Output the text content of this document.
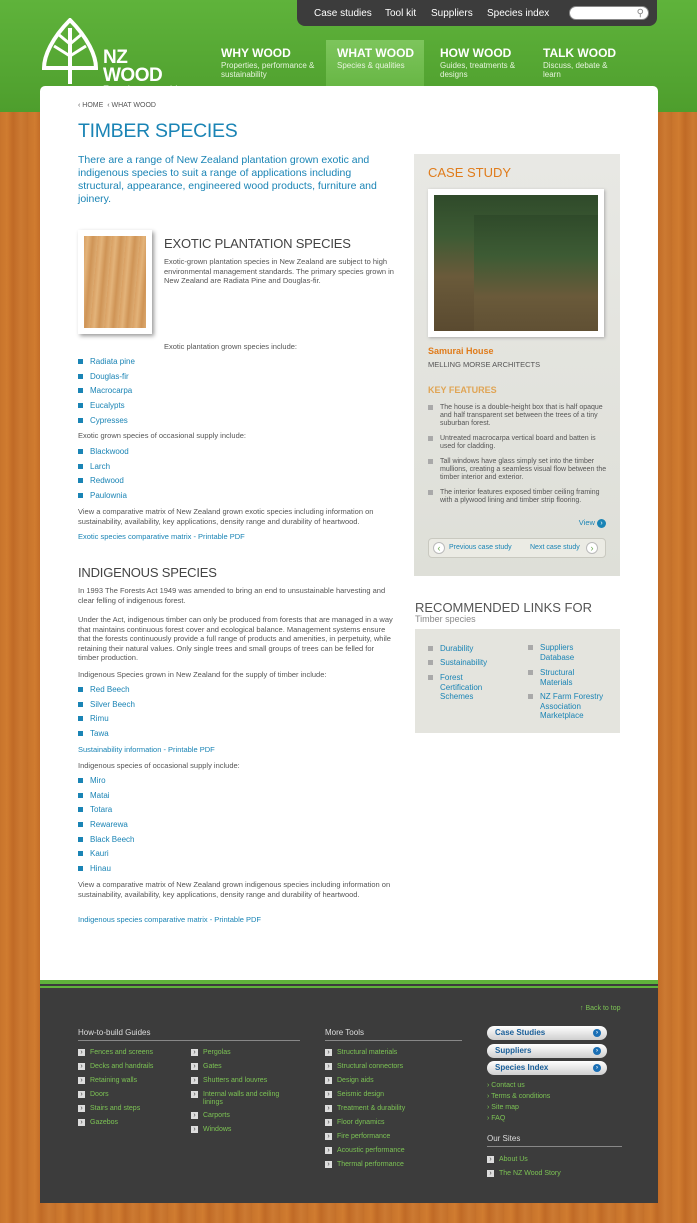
NZ WOOD
Case studies Tool kit Suppliers Species index	⚲
WHY WOOD
Properties, performance & sustainability
WHAT WOOD
Species & qualities
HOW WOOD
Guides, treatments & designs
TALK WOOD
Discuss, debate & learn
‹ HOME ‹ WHAT WOOD
TIMBER SPECIES
There are a range of New Zealand plantation grown exotic and indigenous species to suit a range of applications including structural, appearance, engineered wood products, furniture and joinery.
EXOTIC PLANTATION SPECIES
Exotic-grown plantation species in New Zealand are subject to high environmental management standards. The primary species grown in New Zealand are Radiata Pine and Douglas-fir.
Exotic plantation grown species include:
Radiata pine
Douglas-fir
Macrocarpa
Eucalypts
Cypresses
Exotic grown species of occasional supply include:
Blackwood
Larch
Redwood
Paulownia
View a comparative matrix of New Zealand grown exotic species including information on sustainability, availability, key applications, density range and durability of heartwood.
Exotic species comparative matrix - Printable PDF
INDIGENOUS SPECIES
In 1993 The Forests Act 1949 was amended to bring an end to unsustainable harvesting and clear felling of indigenous forest.
Under the Act, indigenous timber can only be produced from forests that are managed in a way that maintains continuous forest cover and ecological balance. Management systems ensure that the forests continuously provide a full range of products and amenities, in perpetuity, while retaining their natural values. Only single trees and small groups of trees can be felled for timber production.
Indigenous Species grown in New Zealand for the supply of timber include:
Red Beech
Silver Beech
Rimu
Tawa
Sustainability information - Printable PDF
Indigenous species of occasional supply include:
Miro
Matai
Totara
Rewarewa
Black Beech
Kauri
Hinau
View a comparative matrix of New Zealand grown indigenous species including information on sustainability, availability, key applications, density range and durability of heartwood.
Indigenous species comparative matrix - Printable PDF
CASE STUDY
Samurai House
MELLING MORSE ARCHITECTS
KEY FEATURES
The house is a double-height box that is half opaque and half transparent set between the trees of a tiny suburban forest.
Untreated macrocarpa vertical board and batten is used for cladding.
Tall windows have glass simply set into the timber mullions, creating a seamless visual flow between the timber interior and exterior.
The interior features exposed timber ceiling framing with a plywood lining and timber strip flooring.
View ›
‹	Previous case study	Next case study	›
RECOMMENDED LINKS FOR
Timber species
Durability
Sustainability
Forest Certification Schemes
Suppliers Database
Structural Materials
NZ Farm Forestry Association Marketplace
↑ Back to top
How-to-build Guides
› Fences and screens
› Decks and handrails
› Retaining walls
› Doors
› Stairs and steps
› Gazebos
› Pergolas
› Gates
› Shutters and louvres
› Internal walls and ceiling linings
› Carports
› Windows
More Tools
› Structural materials
› Structural connectors
› Design aids
› Seismic design
› Treatment & durability
› Floor dynamics
› Fire performance
› Acoustic performance
› Thermal performance
Case Studies	›
Suppliers	›
Species Index	›
› Contact us
› Terms & conditions
› Site map
› FAQ
Our Sites
› About Us
› The NZ Wood Story
